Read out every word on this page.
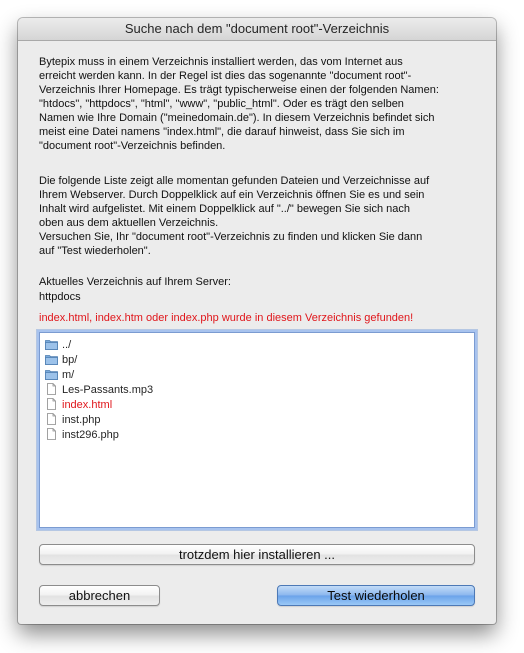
Suche nach dem "document root"-Verzeichnis
Bytepix muss in einem Verzeichnis installiert werden, das vom Internet aus
erreicht werden kann. In der Regel ist dies das sogenannte "document root"-
Verzeichnis Ihrer Homepage. Es trägt typischerweise einen der folgenden Namen:
"htdocs", "httpdocs", "html", "www", "public_html". Oder es trägt den selben
Namen wie Ihre Domain ("meinedomain.de"). In diesem Verzeichnis befindet sich
meist eine Datei namens "index.html", die darauf hinweist, dass Sie sich im
"document root"-Verzeichnis befinden.
Die folgende Liste zeigt alle momentan gefunden Dateien und Verzeichnisse auf
Ihrem Webserver. Durch Doppelklick auf ein Verzeichnis öffnen Sie es und sein
Inhalt wird aufgelistet. Mit einem Doppelklick auf "../" bewegen Sie sich nach
oben aus dem aktuellen Verzeichnis.
Versuchen Sie, Ihr "document root"-Verzeichnis zu finden und klicken Sie dann
auf "Test wiederholen".
Aktuelles Verzeichnis auf Ihrem Server:
httpdocs
index.html, index.htm oder index.php wurde in diesem Verzeichnis gefunden!
../
bp/
m/
Les-Passants.mp3
index.html
inst.php
inst296.php
trotzdem hier installieren ...
abbrechen	Test wiederholen
